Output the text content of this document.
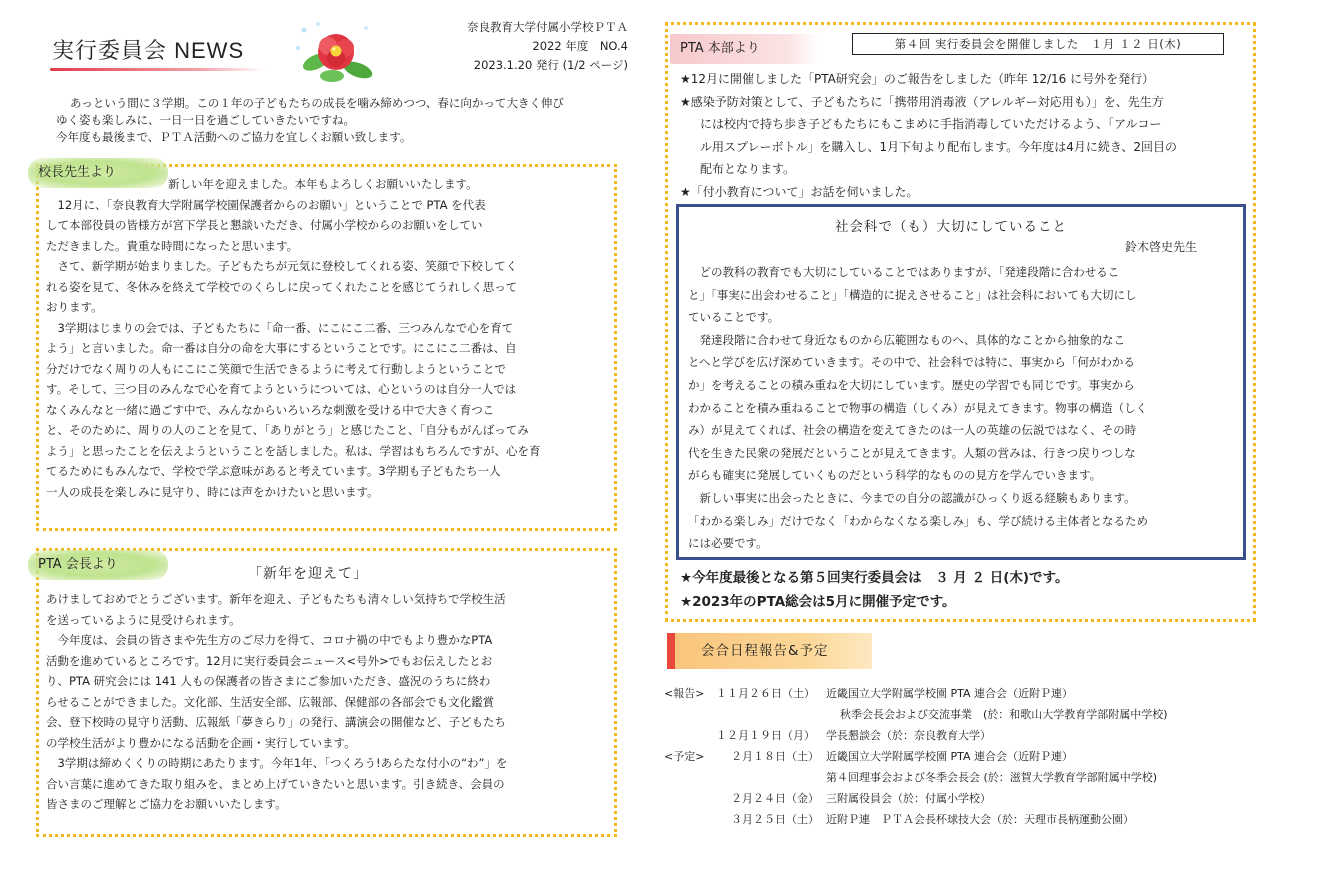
実行委員会 NEWS
奈良教育大学付属小学校ＰＴＡ
2022 年度　NO.4
2023.1.20 発行 (1/2 ページ)

あっという間に３学期。この１年の子どもたちの成長を噛み締めつつ、春に向かって大きく伸び

ゆく姿も楽しみに、一日一日を過ごしていきたいですね。

今年度も最後まで、ＰＴＡ活動へのご協力を宜しくお願い致します。

校長先生より

新しい年を迎えました。本年もよろしくお願いいたします。

　12月に、「奈良教育大学附属学校園保護者からのお願い」ということで PTA を代表

して本部役員の皆様方が宮下学長と懇談いただき、付属小学校からのお願いをしてい

ただきました。貴重な時間になったと思います。

　さて、新学期が始まりました。子どもたちが元気に登校してくれる姿、笑顔で下校してく

れる姿を見て、冬休みを終えて学校でのくらしに戻ってくれたことを感じてうれしく思って

おります。

　3学期はじまりの会では、子どもたちに「命一番、にこにこ二番、三つみんなで心を育て

よう」と言いました。命一番は自分の命を大事にするということです。にこにこ二番は、自

分だけでなく周りの人もにこにこ笑顔で生活できるように考えて行動しようということで

す。そして、三つ目のみんなで心を育てようというについては、心というのは自分一人では

なくみんなと一緒に過ごす中で、みんなからいろいろな刺激を受ける中で大きく育つこ

と、そのために、周りの人のことを見て、「ありがとう」と感じたこと、「自分もがんばってみ

よう」と思ったことを伝えようということを話しました。私は、学習はもちろんですが、心を育

てるためにもみんなで、学校で学ぶ意味があると考えています。3学期も子どもたち一人

一人の成長を楽しみに見守り、時には声をかけたいと思います。

PTA 会長より
「新年を迎えて」

あけましておめでとうございます。新年を迎え、子どもたちも清々しい気持ちで学校生活

を送っているように見受けられます。

　今年度は、会員の皆さまや先生方のご尽力を得て、コロナ禍の中でもより豊かなPTA

活動を進めているところです。12月に実行委員会ニュース<号外>でもお伝えしたとお

り、PTA 研究会には 141 人もの保護者の皆さまにご参加いただき、盛況のうちに終わ

らせることができました。文化部、生活安全部、広報部、保健部の各部会でも文化鑑賞

会、登下校時の見守り活動、広報紙「夢きらり」の発行、講演会の開催など、子どもたち

の学校生活がより豊かになる活動を企画・実行しています。

　3学期は締めくくりの時期にあたります。今年1年、「つくろう!あらたな付小の“わ”」を

合い言葉に進めてきた取り組みを、まとめ上げていきたいと思います。引き続き、会員の

皆さまのご理解とご協力をお願いいたします。

PTA 本部より	第４回 実行委員会を開催しました　１月 １２ 日(木)

★12月に開催しました「PTA研究会」のご報告をしました（昨年 12/16 に号外を発行）

★感染予防対策として、子どもたちに「携帯用消毒液（アレルギー対応用も）」を、先生方

には校内で持ち歩き子どもたちにもこまめに手指消毒していただけるよう、「アルコー

ル用スプレーボトル」を購入し、1月下旬より配布します。今年度は4月に続き、2回目の

配布となります。

★「付小教育について」お話を伺いました。

社会科で（も）大切にしていること
鈴木啓史先生

　どの教科の教育でも大切にしていることではありますが、「発達段階に合わせるこ

と」「事実に出会わせること」「構造的に捉えさせること」は社会科においても大切にし

ていることです。

　発達段階に合わせて身近なものから広範囲なものへ、具体的なことから抽象的なこ

とへと学びを広げ深めていきます。その中で、社会科では特に、事実から「何がわかる

か」を考えることの積み重ねを大切にしています。歴史の学習でも同じです。事実から

わかることを積み重ねることで物事の構造（しくみ）が見えてきます。物事の構造（しく

み）が見えてくれば、社会の構造を変えてきたのは一人の英雄の伝説ではなく、その時

代を生きた民衆の発展だということが見えてきます。人類の営みは、行きつ戻りつしな

がらも確実に発展していくものだという科学的なものの見方を学んでいきます。

　新しい事実に出会ったときに、今までの自分の認識がひっくり返る経験もあります。

「わかる楽しみ」だけでなく「わからなくなる楽しみ」も、学び続ける主体者となるため

には必要です。

★今年度最後となる第５回実行委員会は　３ 月 ２ 日(木)です。

★2023年のPTA総会は5月に開催予定です。

会合日程報告&予定
<報告> １１月２６日（土） 近畿国立大学附属学校園 PTA 連合会（近附Ｐ連）
秋季会長会および交流事業　(於：和歌山大学教育学部附属中学校)
１２月１９日（月） 学長懇談会（於：奈良教育大学）
<予定> ２月１８日（土） 近畿国立大学附属学校園 PTA 連合会（近附Ｐ連）
第４回理事会および冬季会長会 (於：滋賀大学教育学部附属中学校)
２月２４日（金） 三附属役員会（於：付属小学校）
３月２５日（土） 近附Ｐ連　ＰＴＡ会長杯球技大会（於：天理市長柄運動公園）
